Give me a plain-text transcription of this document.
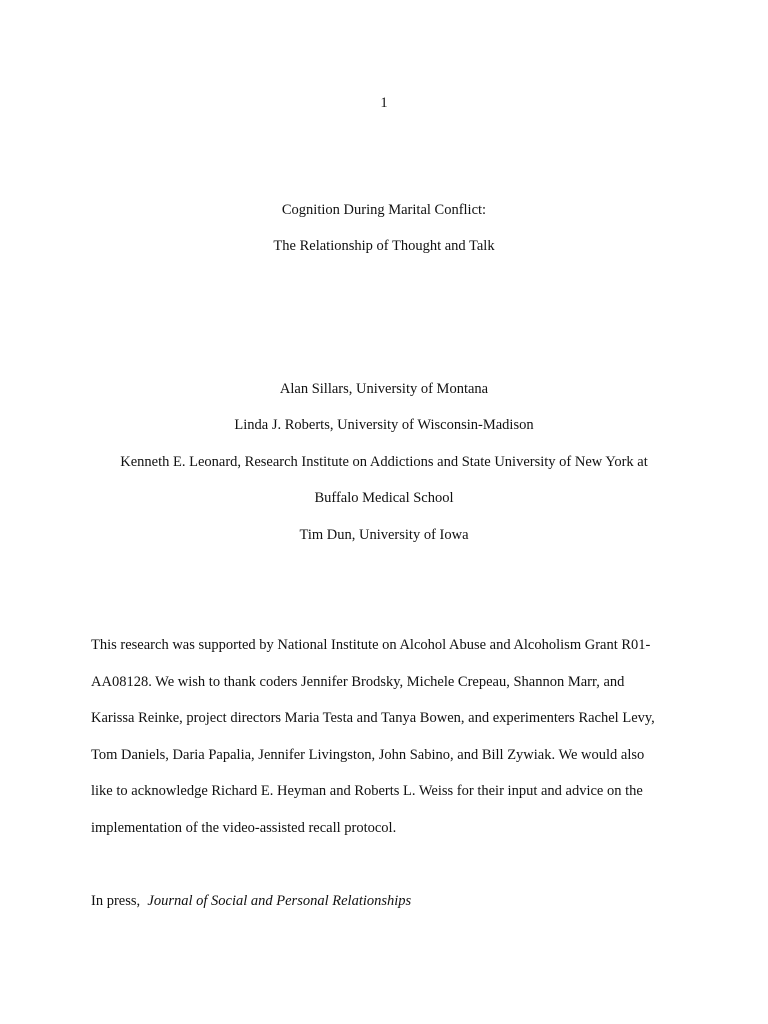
1
Cognition During Marital Conflict:
The Relationship of Thought and Talk
Alan Sillars, University of Montana
Linda J. Roberts, University of Wisconsin-Madison
Kenneth E. Leonard, Research Institute on Addictions and State University of New York at
Buffalo Medical School
Tim Dun, University of Iowa
This research was supported by National Institute on Alcohol Abuse and Alcoholism Grant R01-
AA08128. We wish to thank coders Jennifer Brodsky, Michele Crepeau, Shannon Marr, and
Karissa Reinke, project directors Maria Testa and Tanya Bowen, and experimenters Rachel Levy,
Tom Daniels, Daria Papalia, Jennifer Livingston, John Sabino, and Bill Zywiak. We would also
like to acknowledge Richard E. Heyman and Roberts L. Weiss for their input and advice on the
implementation of the video-assisted recall protocol.
In press, Journal of Social and Personal Relationships
